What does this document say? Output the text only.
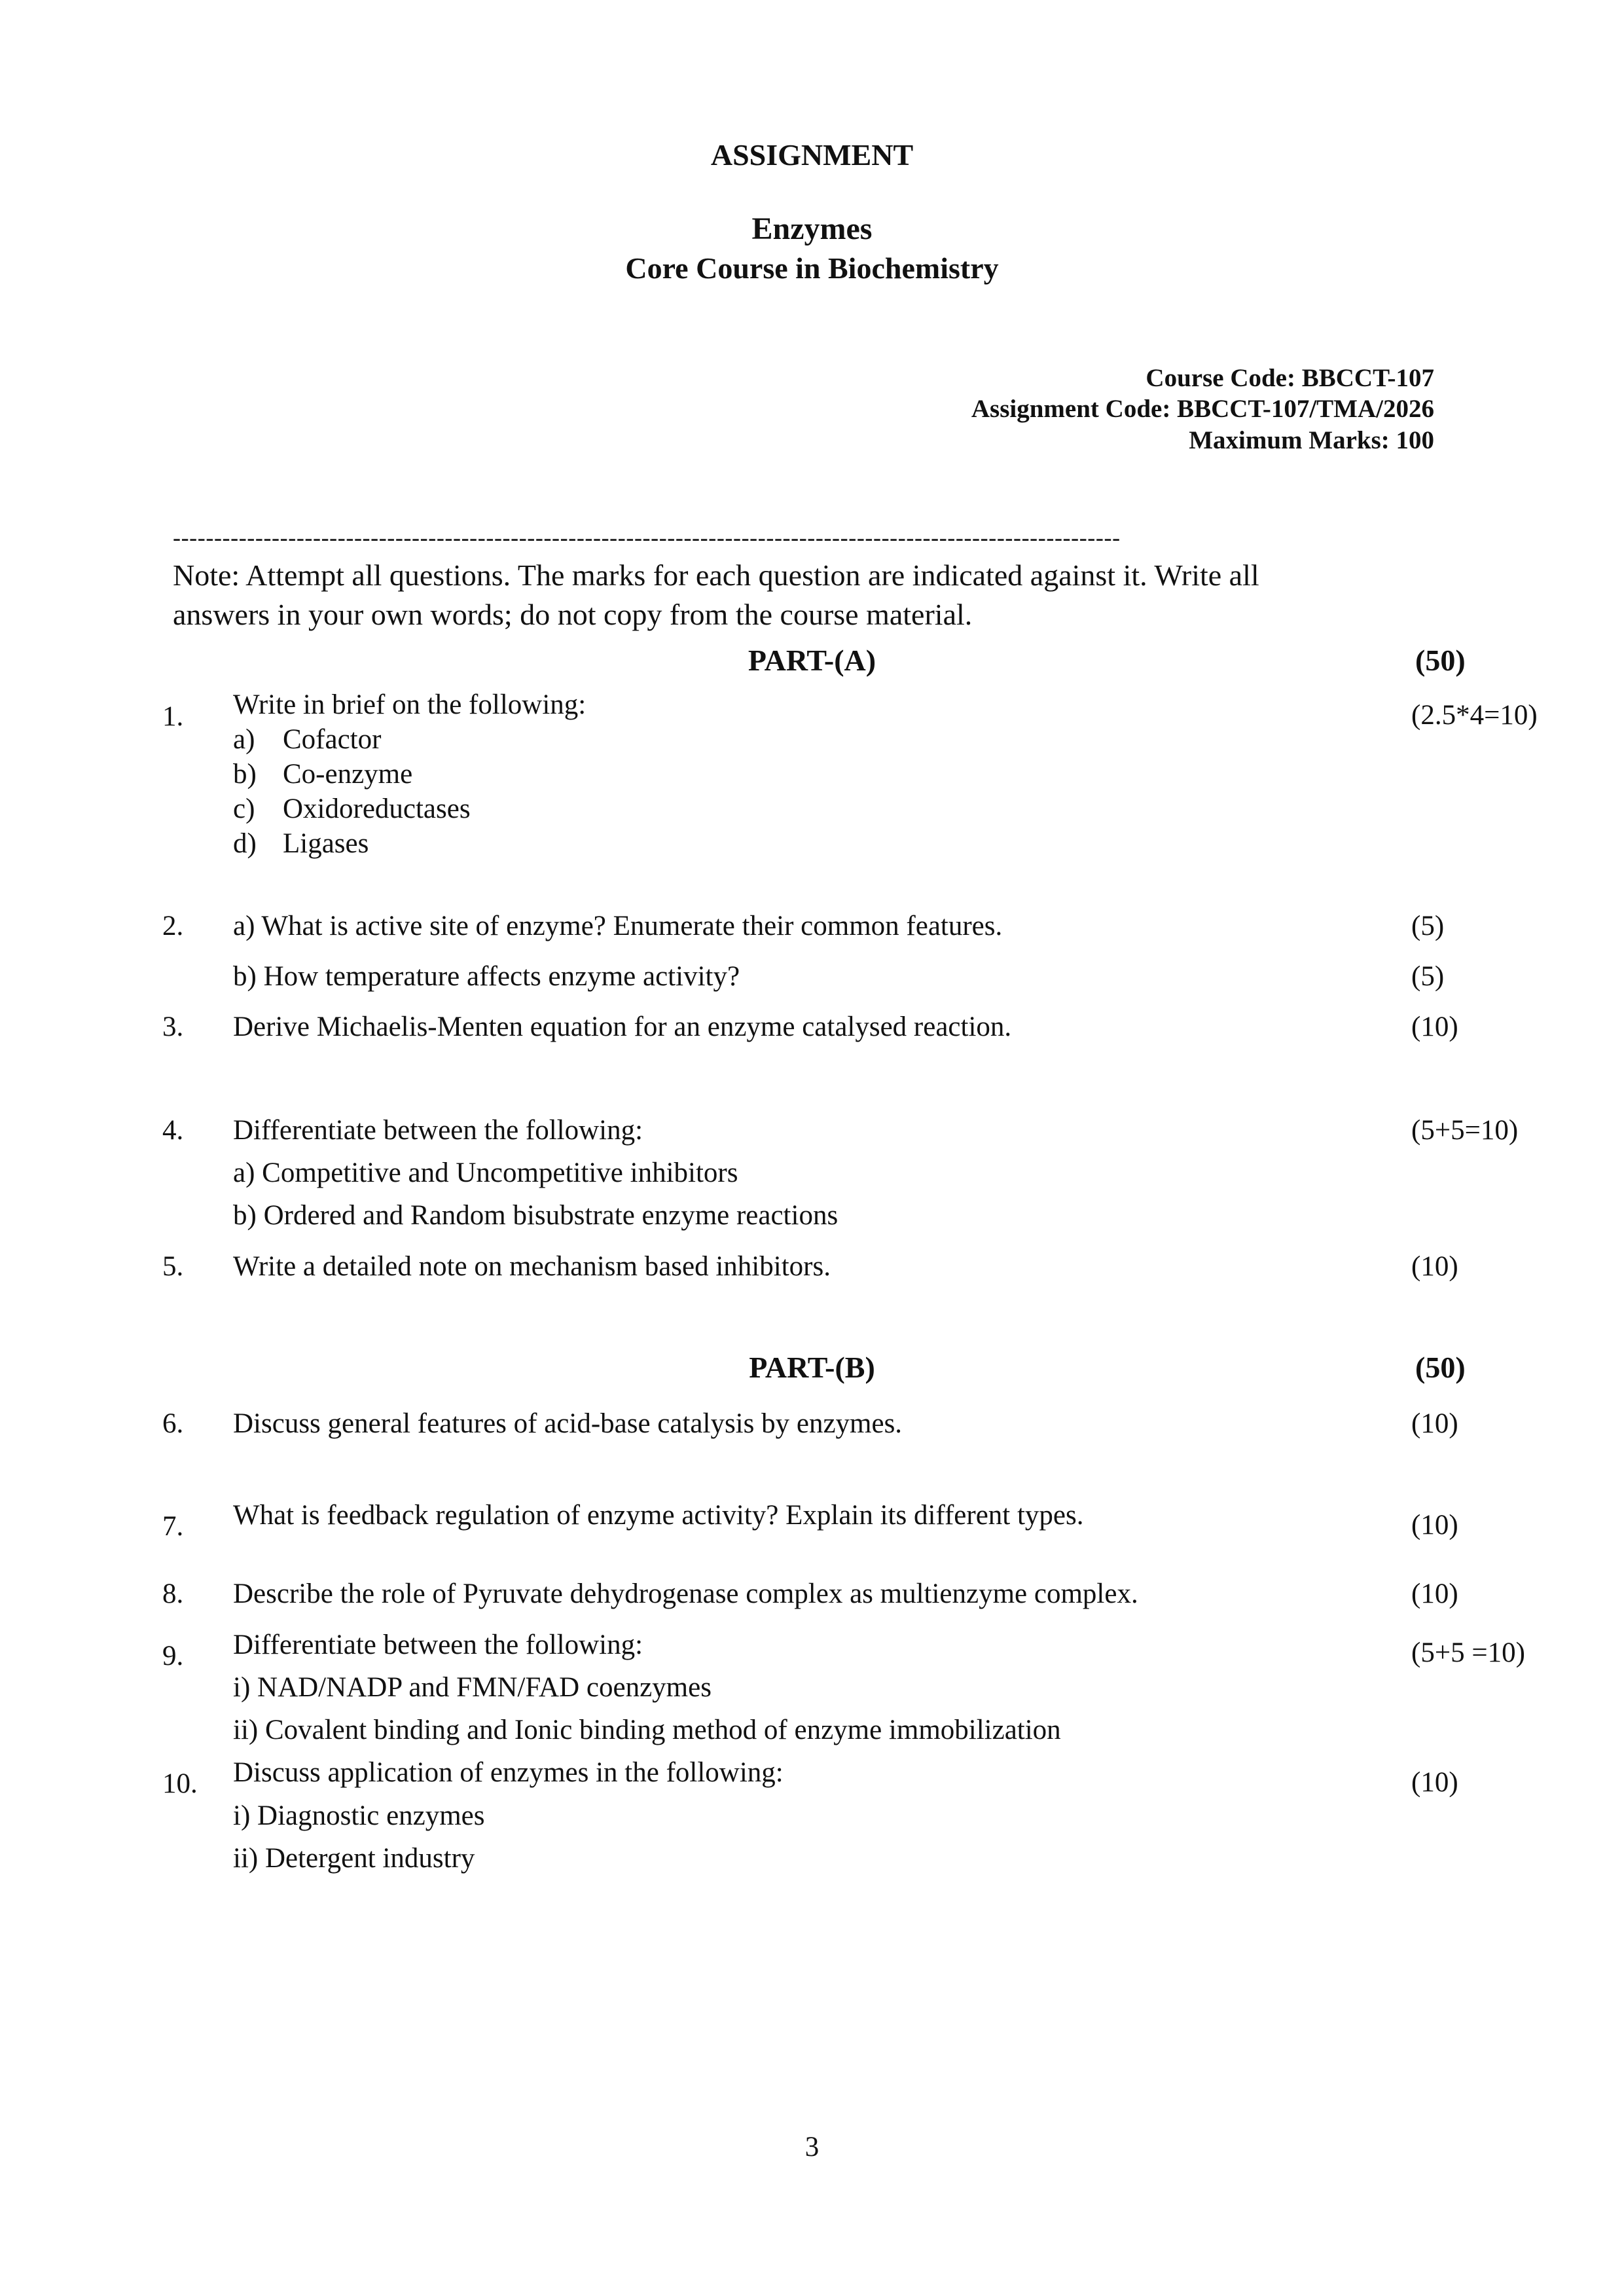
ASSIGNMENT
Enzymes
Core Course in Biochemistry
Course Code: BBCCT-107
Assignment Code: BBCCT-107/TMA/2026
Maximum Marks: 100
-------------------------------------------------------------------------------------------------------------------
Note: Attempt all questions. The marks for each question are indicated against it. Write all
answers in your own words; do not copy from the course material.
PART-(A)	(50)
1. Write in brief on the following:	(2.5*4=10)
a) Cofactor
b) Co-enzyme
c) Oxidoreductases
d) Ligases
2. a) What is active site of enzyme? Enumerate their common features.	(5)
b) How temperature affects enzyme activity?	(5)
3. Derive Michaelis-Menten equation for an enzyme catalysed reaction.	(10)
4. Differentiate between the following:	(5+5=10)
a) Competitive and Uncompetitive inhibitors
b) Ordered and Random bisubstrate enzyme reactions
5. Write a detailed note on mechanism based inhibitors.	(10)
PART-(B)	(50)
6. Discuss general features of acid-base catalysis by enzymes.	(10)
7. What is feedback regulation of enzyme activity? Explain its different types.	(10)
8. Describe the role of Pyruvate dehydrogenase complex as multienzyme complex.	(10)
9. Differentiate between the following:	(5+5 =10)
i) NAD/NADP and FMN/FAD coenzymes
ii) Covalent binding and Ionic binding method of enzyme immobilization
10. Discuss application of enzymes in the following:	(10)
i) Diagnostic enzymes
ii) Detergent industry
3
